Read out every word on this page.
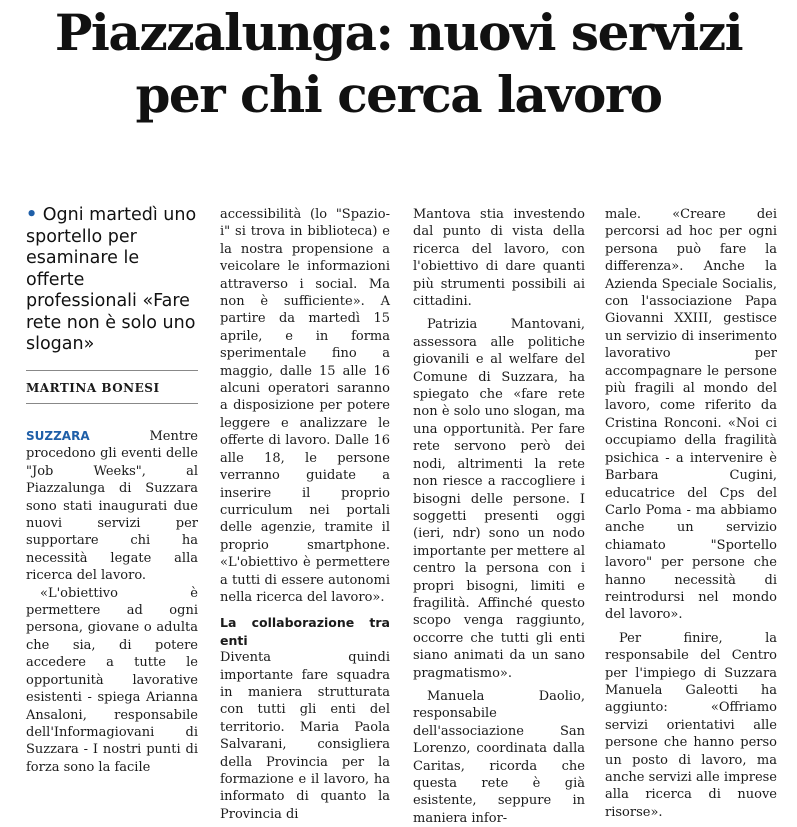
Piazzalunga: nuovi servizi
per chi cerca lavoro
• Ogni martedì uno sportello per esaminare le offerte professionali «Fare rete non è solo uno slogan»
MARTINA BONESI

SUZZARA	Mentre procedono gli eventi delle "Job Weeks", al Piazzalunga di Suzzara sono stati inaugurati due nuovi servizi per supportare chi ha necessità legate alla ricerca del lavoro.

«L'obiettivo è permettere ad ogni persona, giovane o adulta che sia, di potere accedere a tutte le opportunità lavorative esistenti - spiega Arianna Ansaloni, responsabile dell'Informagiovani di Suzzara - I nostri punti di forza sono la facile

accessibilità (lo "Spazio-i" si trova in biblioteca) e la nostra propensione a veicolare le informazioni attraverso i social. Ma non è sufficiente». A partire da martedì 15 aprile, e in forma sperimentale fino a maggio, dalle 15 alle 16 alcuni operatori saranno a disposizione per potere leggere e analizzare le offerte di lavoro. Dalle 16 alle 18, le persone verranno guidate a inserire il proprio curriculum nei portali delle agenzie, tramite il proprio smartphone. «L'obiettivo è permettere a tutti di essere autonomi nella ricerca del lavoro».

La collaborazione tra enti

Diventa quindi importante fare squadra in maniera strutturata con tutti gli enti del territorio. Maria Paola Salvarani, consigliera della Provincia per la formazione e il lavoro, ha informato di quanto la Provincia di

Mantova stia investendo dal punto di vista della ricerca del lavoro, con l'obiettivo di dare quanti più strumenti possibili ai cittadini.

Patrizia Mantovani, assessora alle politiche giovanili e al welfare del Comune di Suzzara, ha spiegato che «fare rete non è solo uno slogan, ma una opportunità. Per fare rete servono però dei nodi, altrimenti la rete non riesce a raccogliere i bisogni delle persone. I soggetti presenti oggi (ieri, ndr) sono un nodo importante per mettere al centro la persona con i propri bisogni, limiti e fragilità. Affinché questo scopo venga raggiunto, occorre che tutti gli enti siano animati da un sano pragmatismo».

Manuela Daolio, responsabile dell'associazione San Lorenzo, coordinata dalla Caritas, ricorda che questa rete è già esistente, seppure in maniera infor-

male. «Creare dei percorsi ad hoc per ogni persona può fare la differenza». Anche la Azienda Speciale Socialis, con l'associazione Papa Giovanni XXIII, gestisce un servizio di inserimento lavorativo per accompagnare le persone più fragili al mondo del lavoro, come riferito da Cristina Ronconi. «Noi ci occupiamo della fragilità psichica - a intervenire è Barbara Cugini, educatrice del Cps del Carlo Poma - ma abbiamo anche un servizio chiamato "Sportello lavoro" per persone che hanno necessità di reintrodursi nel mondo del lavoro».

Per finire, la responsabile del Centro per l'impiego di Suzzara Manuela Galeotti ha aggiunto: «Offriamo servizi orientativi alle persone che hanno perso un posto di lavoro, ma anche servizi alle imprese alla ricerca di nuove risorse».
